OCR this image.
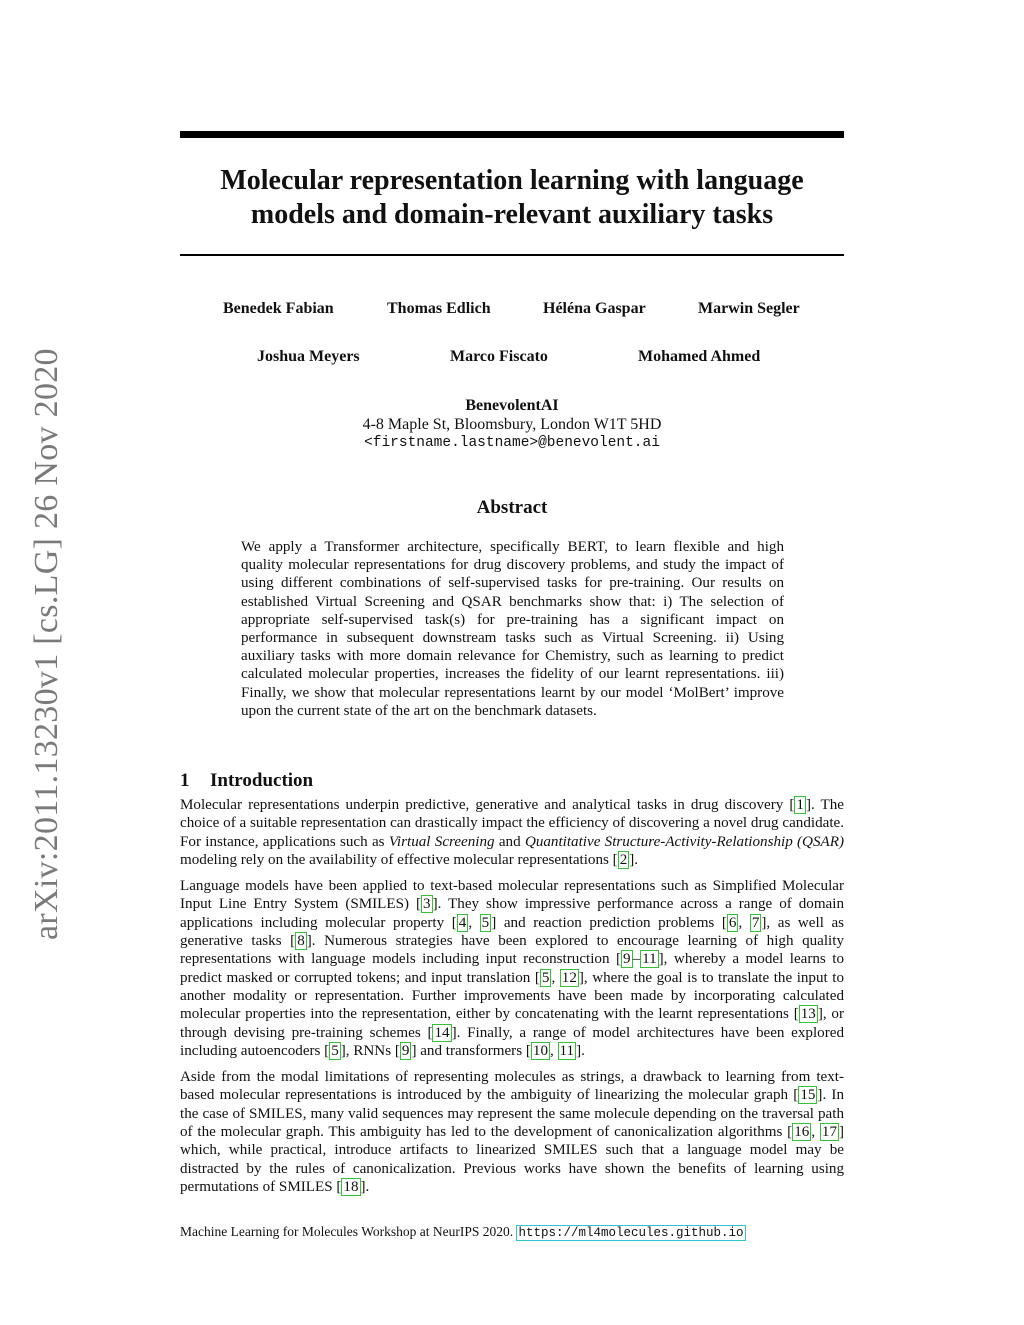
arXiv:2011.13230v1 [cs.LG] 26 Nov 2020
Molecular representation learning with language models and domain-relevant auxiliary tasks
Benedek Fabian	Thomas Edlich	Héléna Gaspar	Marwin Segler
Joshua Meyers	Marco Fiscato	Mohamed Ahmed
BenevolentAI
4-8 Maple St, Bloomsbury, London W1T 5HD
<firstname.lastname>@benevolent.ai
Abstract
We apply a Transformer architecture, specifically BERT, to learn flexible and high quality molecular representations for drug discovery problems, and study the impact of using different combinations of self-supervised tasks for pre-training. Our results on established Virtual Screening and QSAR benchmarks show that: i) The selection of appropriate self-supervised task(s) for pre-training has a significant impact on performance in subsequent downstream tasks such as Virtual Screening. ii) Using auxiliary tasks with more domain relevance for Chemistry, such as learning to predict calculated molecular properties, increases the fidelity of our learnt representations. iii) Finally, we show that molecular representations learnt by our model ‘MolBert’ improve upon the current state of the art on the benchmark datasets.
1 Introduction

Molecular representations underpin predictive, generative and analytical tasks in drug discovery [ 1 ]. The choice of a suitable representation can drastically impact the efficiency of discovering a novel drug candidate. For instance, applications such as Virtual Screening and Quantitative Structure-Activity-Relationship (QSAR) modeling rely on the availability of effective molecular representations [ 2 ].

Language models have been applied to text-based molecular representations such as Simplified Molecular Input Line Entry System (SMILES) [ 3 ]. They show impressive performance across a range of domain applications including molecular property [ 4 , 5 ] and reaction prediction problems [ 6 , 7 ], as well as generative tasks [ 8 ]. Numerous strategies have been explored to encourage learning of high quality representations with language models including input reconstruction [ 9 – 11 ], whereby a model learns to predict masked or corrupted tokens; and input translation [ 5 , 12 ], where the goal is to translate the input to another modality or representation. Further improvements have been made by incorporating calculated molecular properties into the representation, either by concatenating with the learnt representations [ 13 ], or through devising pre-training schemes [ 14 ]. Finally, a range of model architectures have been explored including autoencoders [ 5 ], RNNs [ 9 ] and transformers [ 10 , 11 ].

Aside from the modal limitations of representing molecules as strings, a drawback to learning from text-based molecular representations is introduced by the ambiguity of linearizing the molecular graph [ 15 ]. In the case of SMILES, many valid sequences may represent the same molecule depending on the traversal path of the molecular graph. This ambiguity has led to the development of canonicalization algorithms [ 16 , 17 ] which, while practical, introduce artifacts to linearized SMILES such that a language model may be distracted by the rules of canonicalization. Previous works have shown the benefits of learning using permutations of SMILES [ 18 ].

Machine Learning for Molecules Workshop at NeurIPS 2020. https://ml4molecules.github.io
